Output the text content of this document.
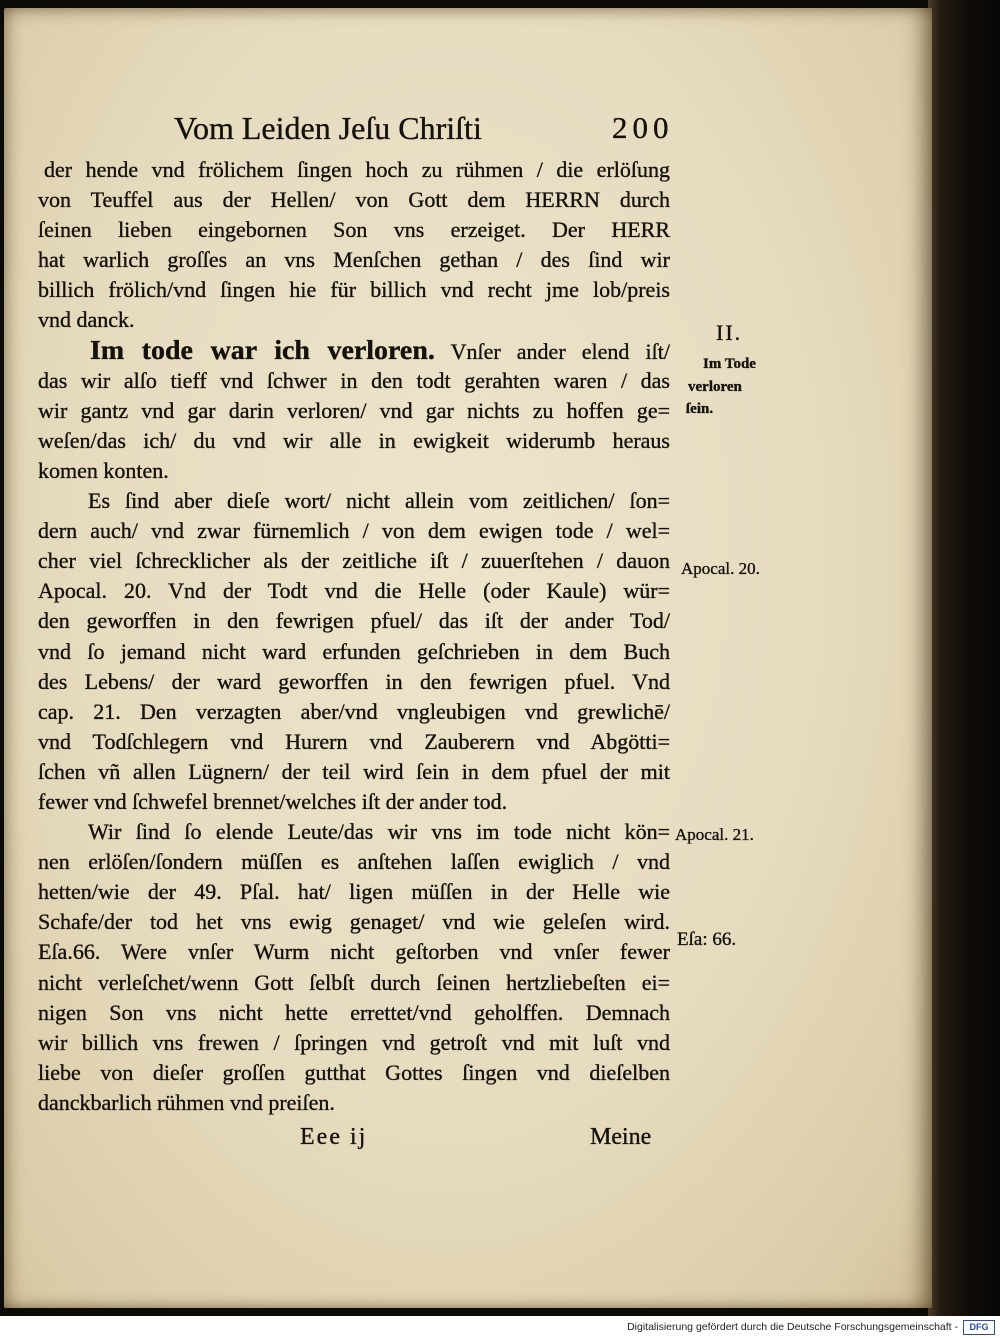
Vom Leiden Jeſu Chriſti	200
der hende vnd frölichem ſingen hoch zu rühmen / die erlöſung
von Teuffel aus der Hellen/ von Gott dem HERRN durch
ſeinen lieben eingebornen Son vns erzeiget. Der HERR
hat warlich groſſes an vns Menſchen gethan / des ſind wir
billich frölich/vnd ſingen hie für billich vnd recht jme lob/preis
vnd danck.
Im tode war ich verloren. Vnſer ander elend iſt/
das wir alſo tieff vnd ſchwer in den todt gerahten waren / das
wir gantz vnd gar darin verloren/ vnd gar nichts zu hoffen ge=
weſen/das ich/ du vnd wir alle in ewigkeit widerumb heraus
komen konten.
Es ſind aber dieſe wort/ nicht allein vom zeitlichen/ ſon=
dern auch/ vnd zwar fürnemlich / von dem ewigen tode / wel=
cher viel ſchrecklicher als der zeitliche iſt / zuuerſtehen / dauon
Apocal. 20. Vnd der Todt vnd die Helle (oder Kaule) wür=
den geworffen in den fewrigen pfuel/ das iſt der ander Tod/
vnd ſo jemand nicht ward erfunden geſchrieben in dem Buch
des Lebens/ der ward geworffen in den fewrigen pfuel. Vnd
cap. 21. Den verzagten aber/vnd vngleubigen vnd grewlichē/
vnd Todſchlegern vnd Hurern vnd Zauberern vnd Abgötti=
ſchen vñ allen Lügnern/ der teil wird ſein in dem pfuel der mit
fewer vnd ſchwefel brennet/welches iſt der ander tod.
Wir ſind ſo elende Leute/das wir vns im tode nicht kön=
nen erlöſen/ſondern müſſen es anſtehen laſſen ewiglich / vnd
hetten/wie der 49. Pſal. hat/ ligen müſſen in der Helle wie
Schafe/der tod het vns ewig genaget/ vnd wie geleſen wird.
Eſa.66. Were vnſer Wurm nicht geſtorben vnd vnſer fewer
nicht verleſchet/wenn Gott ſelbſt durch ſeinen hertzliebeſten ei=
nigen Son vns nicht hette errettet/vnd geholffen. Demnach
wir billich vns frewen / ſpringen vnd getroſt vnd mit luſt vnd
liebe von dieſer groſſen gutthat Gottes ſingen vnd dieſelben
danckbarlich rühmen vnd preiſen.
II.
Im Tode
verloren
ſein.
Apocal. 20.
Apocal. 21.
Eſa: 66.
Eee ij	Meine
Digitalisierung gefördert durch die Deutsche Forschungsgemeinschaft -	DFG
